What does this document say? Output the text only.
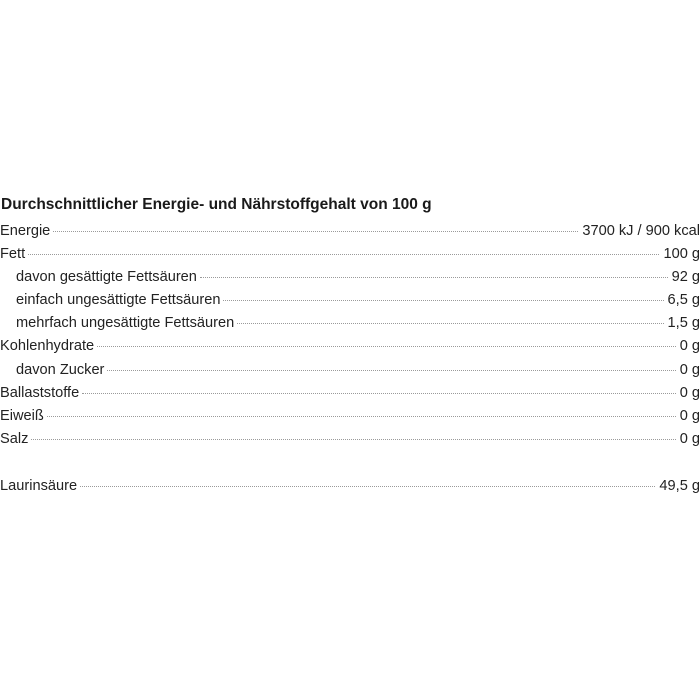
Durchschnittlicher Energie- und Nährstoffgehalt von 100 g
Energie	3700 kJ / 900 kcal
Fett	100 g
davon gesättigte Fettsäuren	92 g
einfach ungesättigte Fettsäuren	6,5 g
mehrfach ungesättigte Fettsäuren	1,5 g
Kohlenhydrate	0 g
davon Zucker	0 g
Ballaststoffe	0 g
Eiweiß	0 g
Salz	0 g
Laurinsäure	49,5 g
